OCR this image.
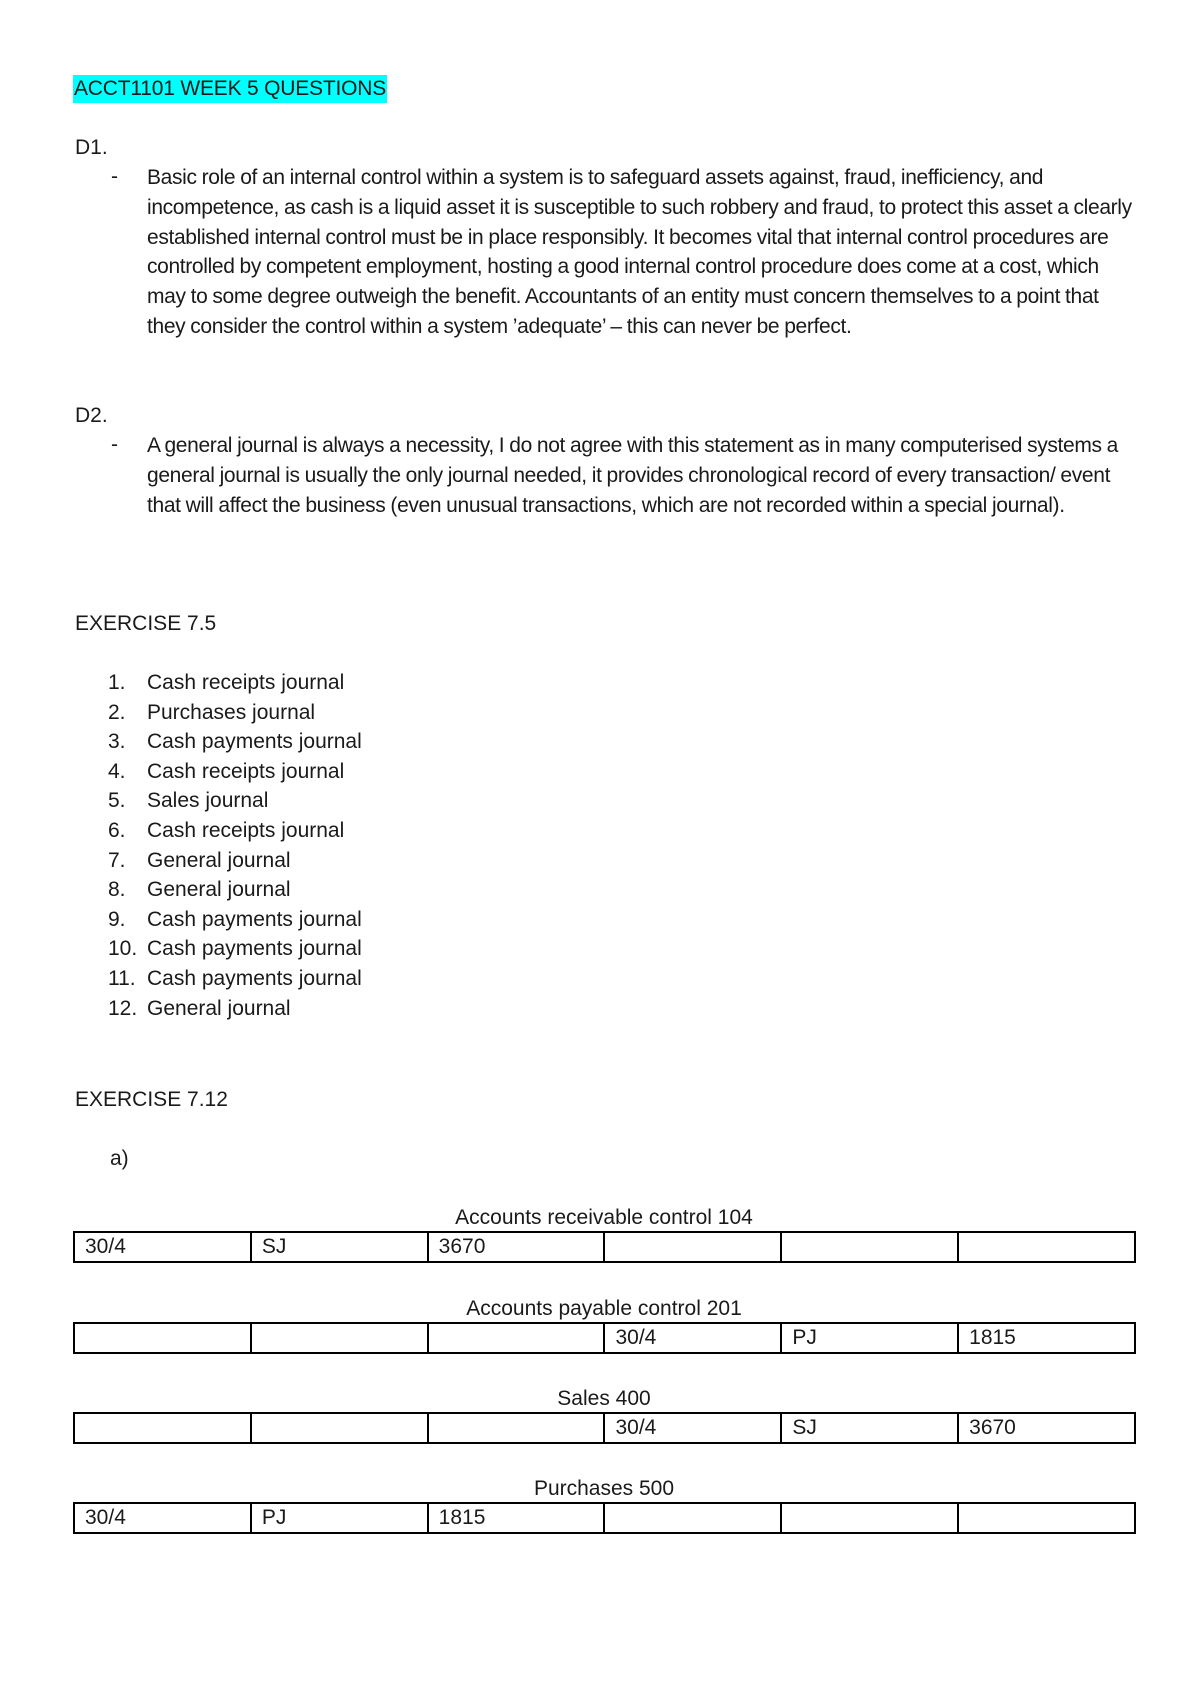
ACCT1101 WEEK 5 QUESTIONS
D1.
- Basic role of an internal control within a system is to safeguard assets against, fraud, inefficiency, and incompetence, as cash is a liquid asset it is susceptible to such robbery and fraud, to protect this asset a clearly established internal control must be in place responsibly. It becomes vital that internal control procedures are controlled by competent employment, hosting a good internal control procedure does come at a cost, which may to some degree outweigh the benefit. Accountants of an entity must concern themselves to a point that they consider the control within a system ’adequate’ – this can never be perfect.
D2.
- A general journal is always a necessity, I do not agree with this statement as in many computerised systems a general journal is usually the only journal needed, it provides chronological record of every transaction/ event that will affect the business (even unusual transactions, which are not recorded within a special journal).
EXERCISE 7.5
1.	Cash receipts journal
2.	Purchases journal
3.	Cash payments journal
4.	Cash receipts journal
5.	Sales journal
6.	Cash receipts journal
7.	General journal
8.	General journal
9.	Cash payments journal
10. Cash payments journal
11. Cash payments journal
12. General journal
EXERCISE 7.12
a)
Accounts receivable control 104
30/4	SJ	3670			
Accounts payable control 201
			30/4	PJ	1815
Sales 400
			30/4	SJ	3670
Purchases 500
30/4	PJ	1815			
